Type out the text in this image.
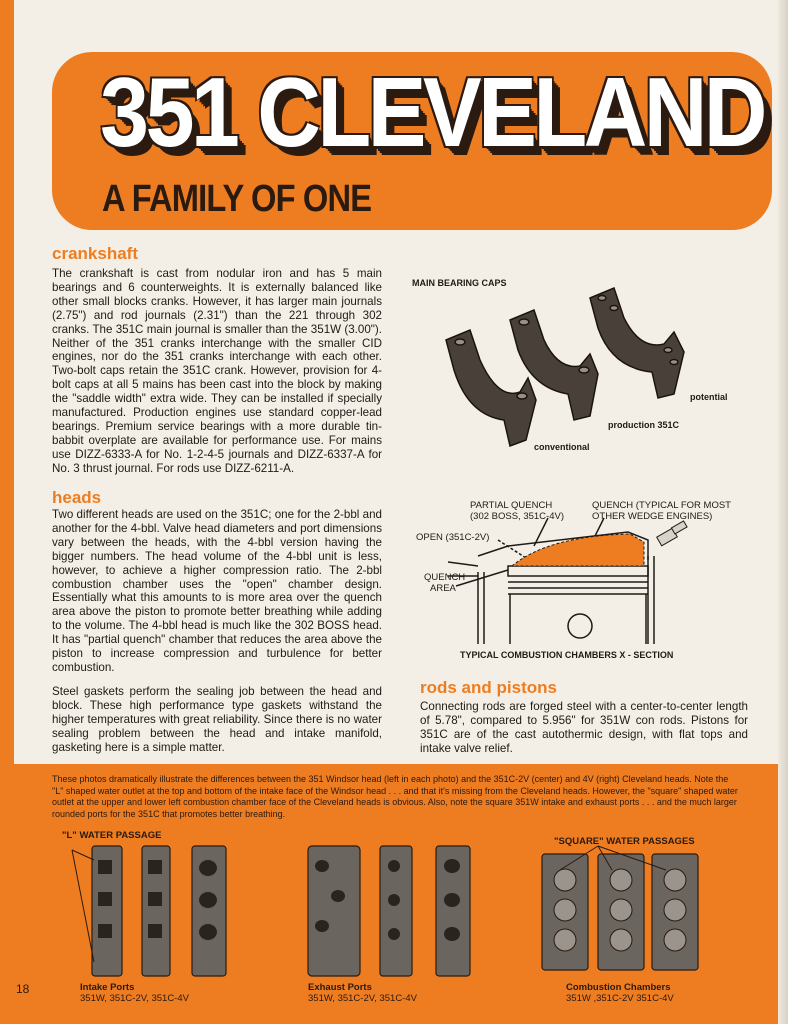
351 CLEVELAND
A FAMILY OF ONE
crankshaft
The crankshaft is cast from nodular iron and has 5 main bearings and 6 counterweights. It is externally balanced like other small blocks cranks. However, it has larger main journals (2.75") and rod journals (2.31") than the 221 through 302 cranks. The 351C main journal is smaller than the 351W (3.00"). Neither of the 351 cranks interchange with the smaller CID engines, nor do the 351 cranks interchange with each other. Two-bolt caps retain the 351C crank. However, provision for 4-bolt caps at all 5 mains has been cast into the block by making the "saddle width" extra wide. They can be installed if specially manufactured. Production engines use standard copper-lead bearings. Premium service bearings with a more durable tin-babbit overplate are available for performance use. For mains use DIZZ-6333-A for No. 1-2-4-5 journals and DIZZ-6337-A for No. 3 thrust journal. For rods use DIZZ-6211-A.
MAIN BEARING CAPS
conventional
production 351C
potential
heads
Two different heads are used on the 351C; one for the 2-bbl and another for the 4-bbl. Valve head diameters and port dimensions vary between the heads, with the 4-bbl version having the bigger numbers. The head volume of the 4-bbl unit is less, however, to achieve a higher compression ratio. The 2-bbl combustion chamber uses the "open" chamber design. Essentially what this amounts to is more area over the quench area above the piston to promote better breathing while adding to the volume. The 4-bbl head is much like the 302 BOSS head. It has "partial quench" chamber that reduces the area above the piston to increase compression and turbulence for better combustion.
Steel gaskets perform the sealing job between the head and block. These high performance type gaskets withstand the higher temperatures with great reliability. Since there is no water sealing problem between the head and intake manifold, gasketing here is a simple matter.
PARTIAL QUENCH
(302 BOSS, 351C-4V)
QUENCH (TYPICAL FOR MOST
OTHER WEDGE ENGINES)
OPEN (351C-2V)
QUENCH
AREA
TYPICAL COMBUSTION CHAMBERS X - SECTION
rods and pistons
Connecting rods are forged steel with a center-to-center length of 5.78", compared to 5.956" for 351W con rods. Pistons for 351C are of the cast autothermic design, with flat tops and intake valve relief.
These photos dramatically illustrate the differences between the 351 Windsor head (left in each photo) and the 351C-2V (center) and 4V (right) Cleveland heads. Note the "L" shaped water outlet at the top and bottom of the intake face of the Windsor head . . . and that it's missing from the Cleveland heads. However, the "square" shaped water outlet at the upper and lower left combustion chamber face of the Cleveland heads is obvious. Also, note the square 351W intake and exhaust ports . . . and the much larger rounded ports for the 351C that promotes better breathing.
"L" WATER PASSAGE
"SQUARE" WATER PASSAGES
Intake Ports
351W, 351C-2V, 351C-4V
Exhaust Ports
351W, 351C-2V, 351C-4V
Combustion Chambers
351W ,351C-2V 351C-4V
18
